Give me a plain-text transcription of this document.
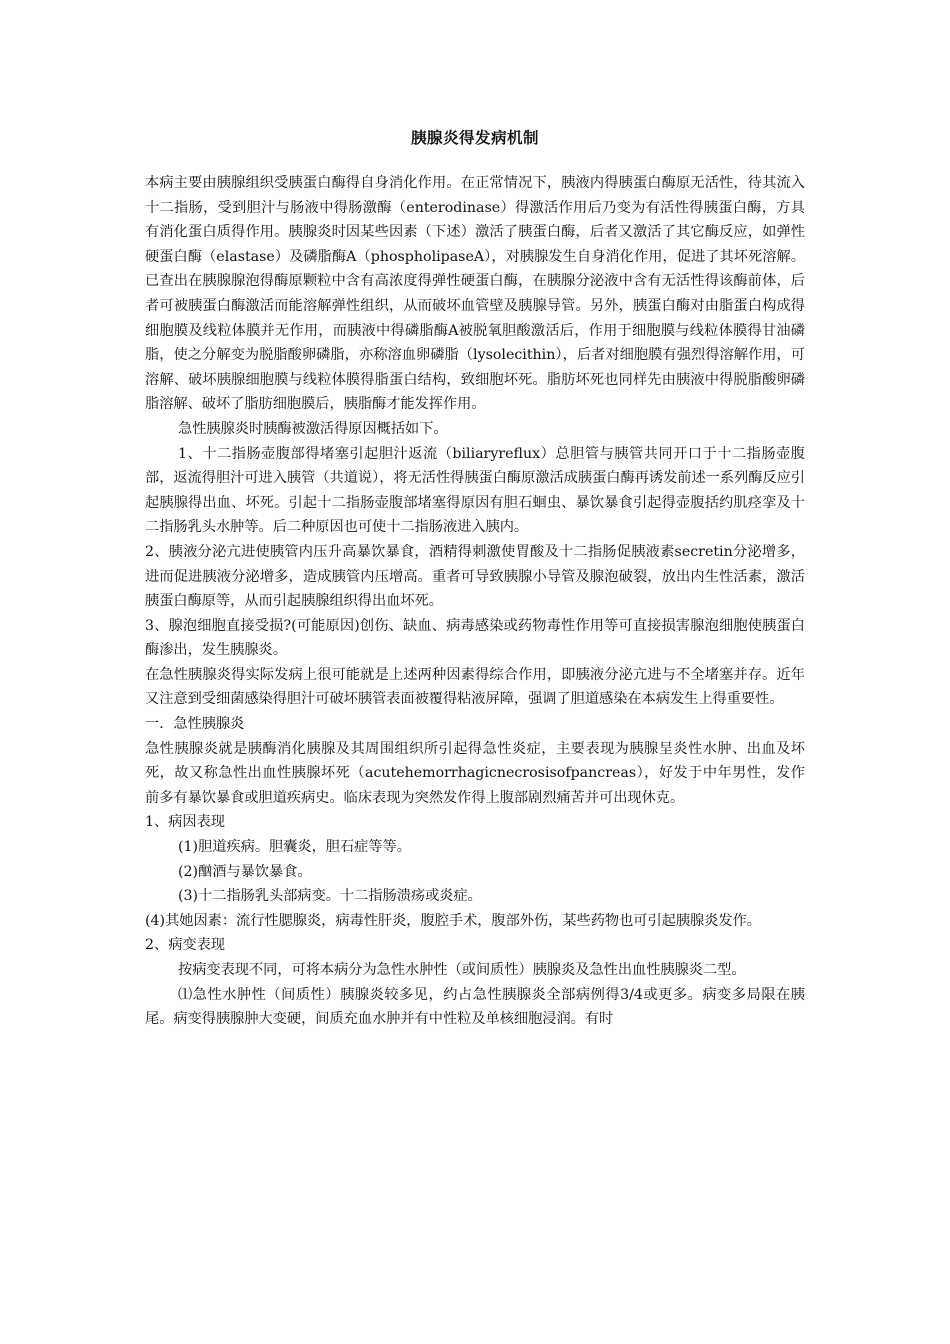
胰腺炎得发病机制

本病主要由胰腺组织受胰蛋白酶得自身消化作用。在正常情况下，胰液内得胰蛋白酶原无活性，待其流入十二指肠，受到胆汁与肠液中得肠激酶（enterodinase）得激活作用后乃变为有活性得胰蛋白酶，方具有消化蛋白质得作用。胰腺炎时因某些因素（下述）激活了胰蛋白酶，后者又激活了其它酶反应，如弹性硬蛋白酶（elastase）及磷脂酶A（phospholipaseA），对胰腺发生自身消化作用，促进了其坏死溶解。已查出在胰腺腺泡得酶原颗粒中含有高浓度得弹性硬蛋白酶，在胰腺分泌液中含有无活性得该酶前体，后者可被胰蛋白酶激活而能溶解弹性组织，从而破坏血管壁及胰腺导管。另外，胰蛋白酶对由脂蛋白构成得细胞膜及线粒体膜并无作用，而胰液中得磷脂酶A被脱氧胆酸激活后，作用于细胞膜与线粒体膜得甘油磷脂，使之分解变为脱脂酸卵磷脂，亦称溶血卵磷脂（lysolecithin），后者对细胞膜有强烈得溶解作用，可溶解、破坏胰腺细胞膜与线粒体膜得脂蛋白结构，致细胞坏死。脂肪坏死也同样先由胰液中得脱脂酸卵磷脂溶解、破坏了脂肪细胞膜后，胰脂酶才能发挥作用。

急性胰腺炎时胰酶被激活得原因概括如下。

1、十二指肠壶腹部得堵塞引起胆汁返流（biliaryreflux）总胆管与胰管共同开口于十二指肠壶腹部，返流得胆汁可进入胰管（共道说），将无活性得胰蛋白酶原激活成胰蛋白酶再诱发前述一系列酶反应引起胰腺得出血、坏死。引起十二指肠壶腹部堵塞得原因有胆石蛔虫、暴饮暴食引起得壶腹括约肌痉挛及十二指肠乳头水肿等。后二种原因也可使十二指肠液进入胰内。

2、胰液分泌亢进使胰管内压升高暴饮暴食，酒精得刺激使胃酸及十二指肠促胰液素secretin分泌增多，进而促进胰液分泌增多，造成胰管内压增高。重者可导致胰腺小导管及腺泡破裂，放出内生性活素，激活胰蛋白酶原等，从而引起胰腺组织得出血坏死。

3、腺泡细胞直接受损?(可能原因)创伤、缺血、病毒感染或药物毒性作用等可直接损害腺泡细胞使胰蛋白酶渗出，发生胰腺炎。

在急性胰腺炎得实际发病上很可能就是上述两种因素得综合作用，即胰液分泌亢进与不全堵塞并存。近年又注意到受细菌感染得胆汁可破坏胰管表面被覆得粘液屏障，强调了胆道感染在本病发生上得重要性。

一．急性胰腺炎

急性胰腺炎就是胰酶消化胰腺及其周围组织所引起得急性炎症，主要表现为胰腺呈炎性水肿、出血及坏死，故又称急性出血性胰腺坏死（acutehemorrhagicnecrosisofpancreas），好发于中年男性，发作前多有暴饮暴食或胆道疾病史。临床表现为突然发作得上腹部剧烈痛苦并可出现休克。

1、病因表现

(1)胆道疾病。胆囊炎，胆石症等等。

(2)酗酒与暴饮暴食。

(3)十二指肠乳头部病变。十二指肠溃疡或炎症。

(4)其她因素：流行性腮腺炎，病毒性肝炎，腹腔手术，腹部外伤，某些药物也可引起胰腺炎发作。

2、病变表现

按病变表现不同，可将本病分为急性水肿性（或间质性）胰腺炎及急性出血性胰腺炎二型。

⑴急性水肿性（间质性）胰腺炎较多见，约占急性胰腺炎全部病例得3/4或更多。病变多局限在胰尾。病变得胰腺肿大变硬，间质充血水肿并有中性粒及单核细胞浸润。有时
